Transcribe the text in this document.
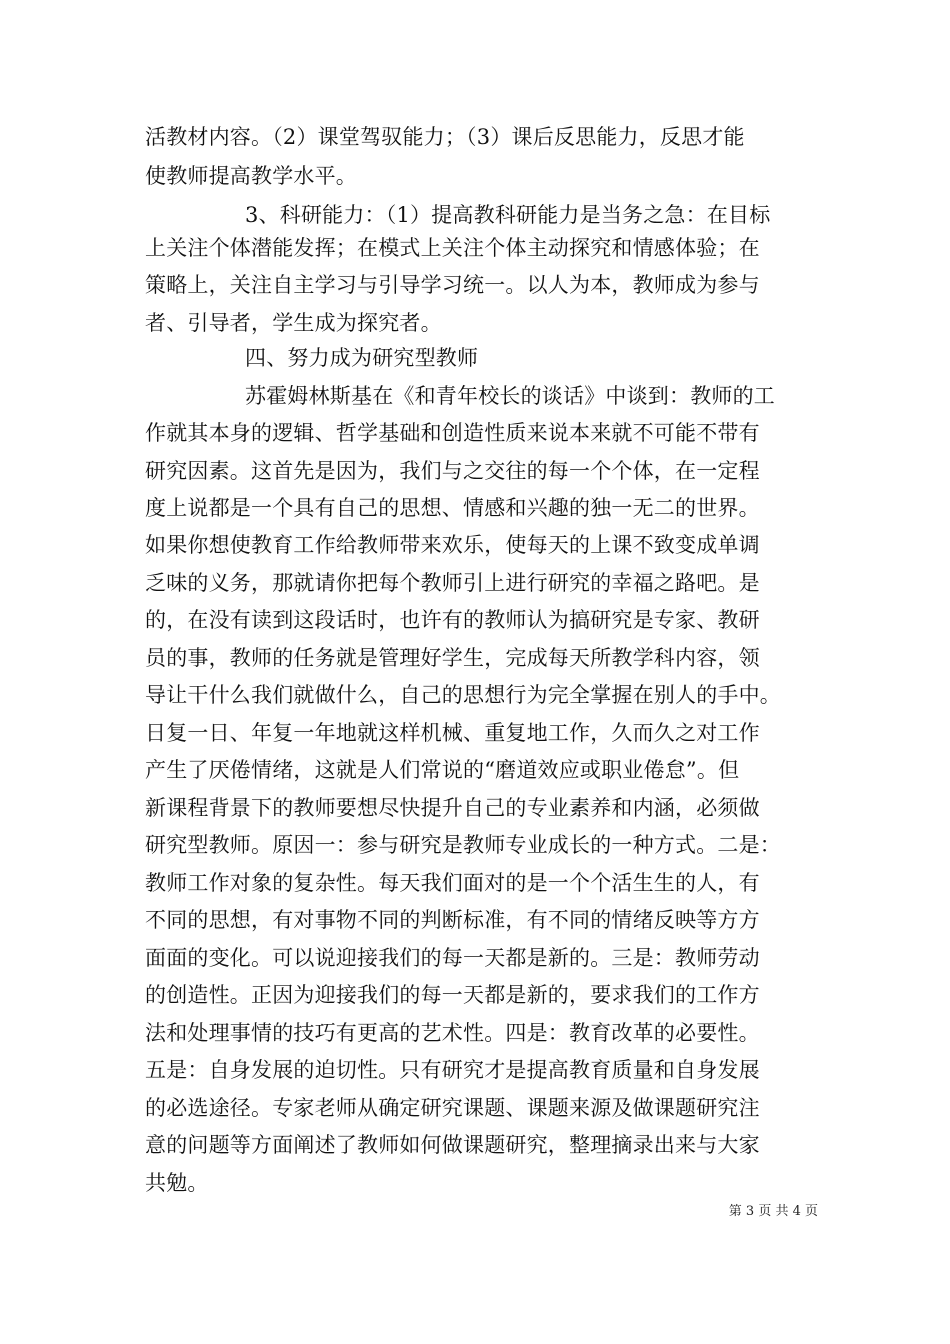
活教材内容。（2）课堂驾驭能力；（3）课后反思能力，反思才能
使教师提高教学水平。
3、科研能力：（1）提高教科研能力是当务之急：在目标
上关注个体潜能发挥；在模式上关注个体主动探究和情感体验；在
策略上，关注自主学习与引导学习统一。以人为本，教师成为参与
者、引导者，学生成为探究者。
四、努力成为研究型教师
苏霍姆林斯基在《和青年校长的谈话》中谈到：教师的工
作就其本身的逻辑、哲学基础和创造性质来说本来就不可能不带有
研究因素。这首先是因为，我们与之交往的每一个个体，在一定程
度上说都是一个具有自己的思想、情感和兴趣的独一无二的世界。
如果你想使教育工作给教师带来欢乐，使每天的上课不致变成单调
乏味的义务，那就请你把每个教师引上进行研究的幸福之路吧。是
的，在没有读到这段话时，也许有的教师认为搞研究是专家、教研
员的事，教师的任务就是管理好学生，完成每天所教学科内容，领
导让干什么我们就做什么，自己的思想行为完全掌握在别人的手中。
日复一日、年复一年地就这样机械、重复地工作，久而久之对工作
产生了厌倦情绪，这就是人们常说的“磨道效应或职业倦怠”。但
新课程背景下的教师要想尽快提升自己的专业素养和内涵，必须做
研究型教师。原因一：参与研究是教师专业成长的一种方式。二是：
教师工作对象的复杂性。每天我们面对的是一个个活生生的人，有
不同的思想，有对事物不同的判断标准，有不同的情绪反映等方方
面面的变化。可以说迎接我们的每一天都是新的。三是：教师劳动
的创造性。正因为迎接我们的每一天都是新的，要求我们的工作方
法和处理事情的技巧有更高的艺术性。四是：教育改革的必要性。
五是：自身发展的迫切性。只有研究才是提高教育质量和自身发展
的必选途径。专家老师从确定研究课题、课题来源及做课题研究注
意的问题等方面阐述了教师如何做课题研究，整理摘录出来与大家
共勉。
第 3 页 共 4 页
